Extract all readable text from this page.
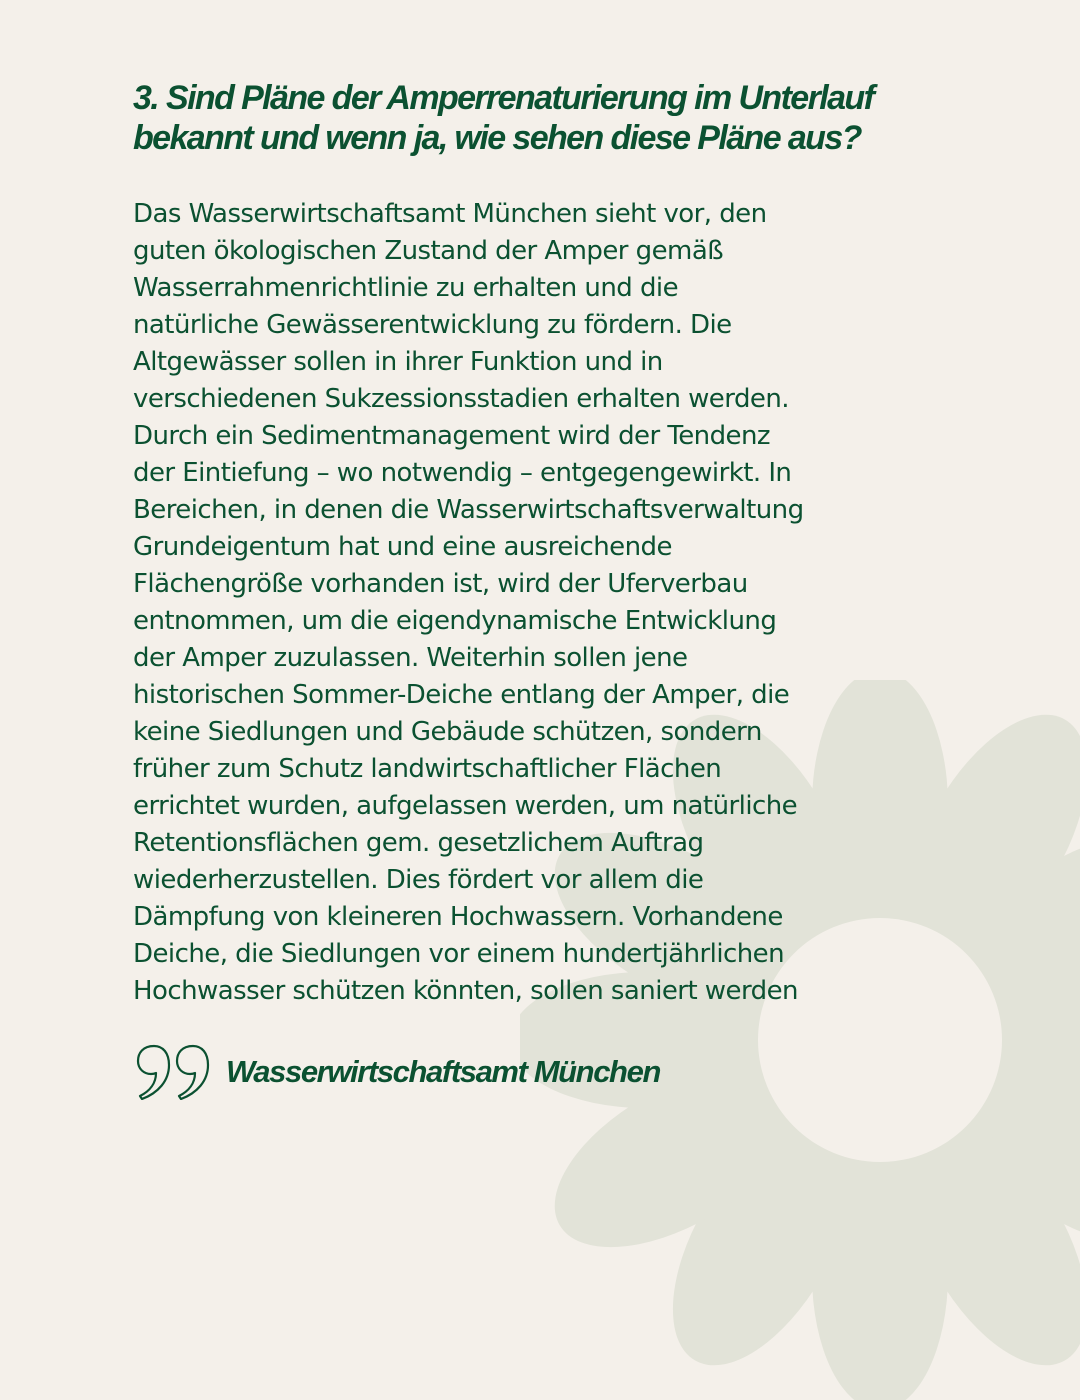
3. Sind Pläne der Amperrenaturierung im Unterlauf
bekannt und wenn ja, wie sehen diese Pläne aus?

Das Wasserwirtschaftsamt München sieht vor, den
guten ökologischen Zustand der Amper gemäß
Wasserrahmenrichtlinie zu erhalten und die
natürliche Gewässerentwicklung zu fördern. Die
Altgewässer sollen in ihrer Funktion und in
verschiedenen Sukzessionsstadien erhalten werden.
Durch ein Sedimentmanagement wird der Tendenz
der Eintiefung – wo notwendig – entgegengewirkt. In
Bereichen, in denen die Wasserwirtschaftsverwaltung
Grundeigentum hat und eine ausreichende
Flächengröße vorhanden ist, wird der Uferverbau
entnommen, um die eigendynamische Entwicklung
der Amper zuzulassen. Weiterhin sollen jene
historischen Sommer-Deiche entlang der Amper, die
keine Siedlungen und Gebäude schützen, sondern
früher zum Schutz landwirtschaftlicher Flächen
errichtet wurden, aufgelassen werden, um natürliche
Retentionsflächen gem. gesetzlichem Auftrag
wiederherzustellen. Dies fördert vor allem die
Dämpfung von kleineren Hochwassern. Vorhandene
Deiche, die Siedlungen vor einem hundertjährlichen
Hochwasser schützen könnten, sollen saniert werden

Wasserwirtschaftsamt München
